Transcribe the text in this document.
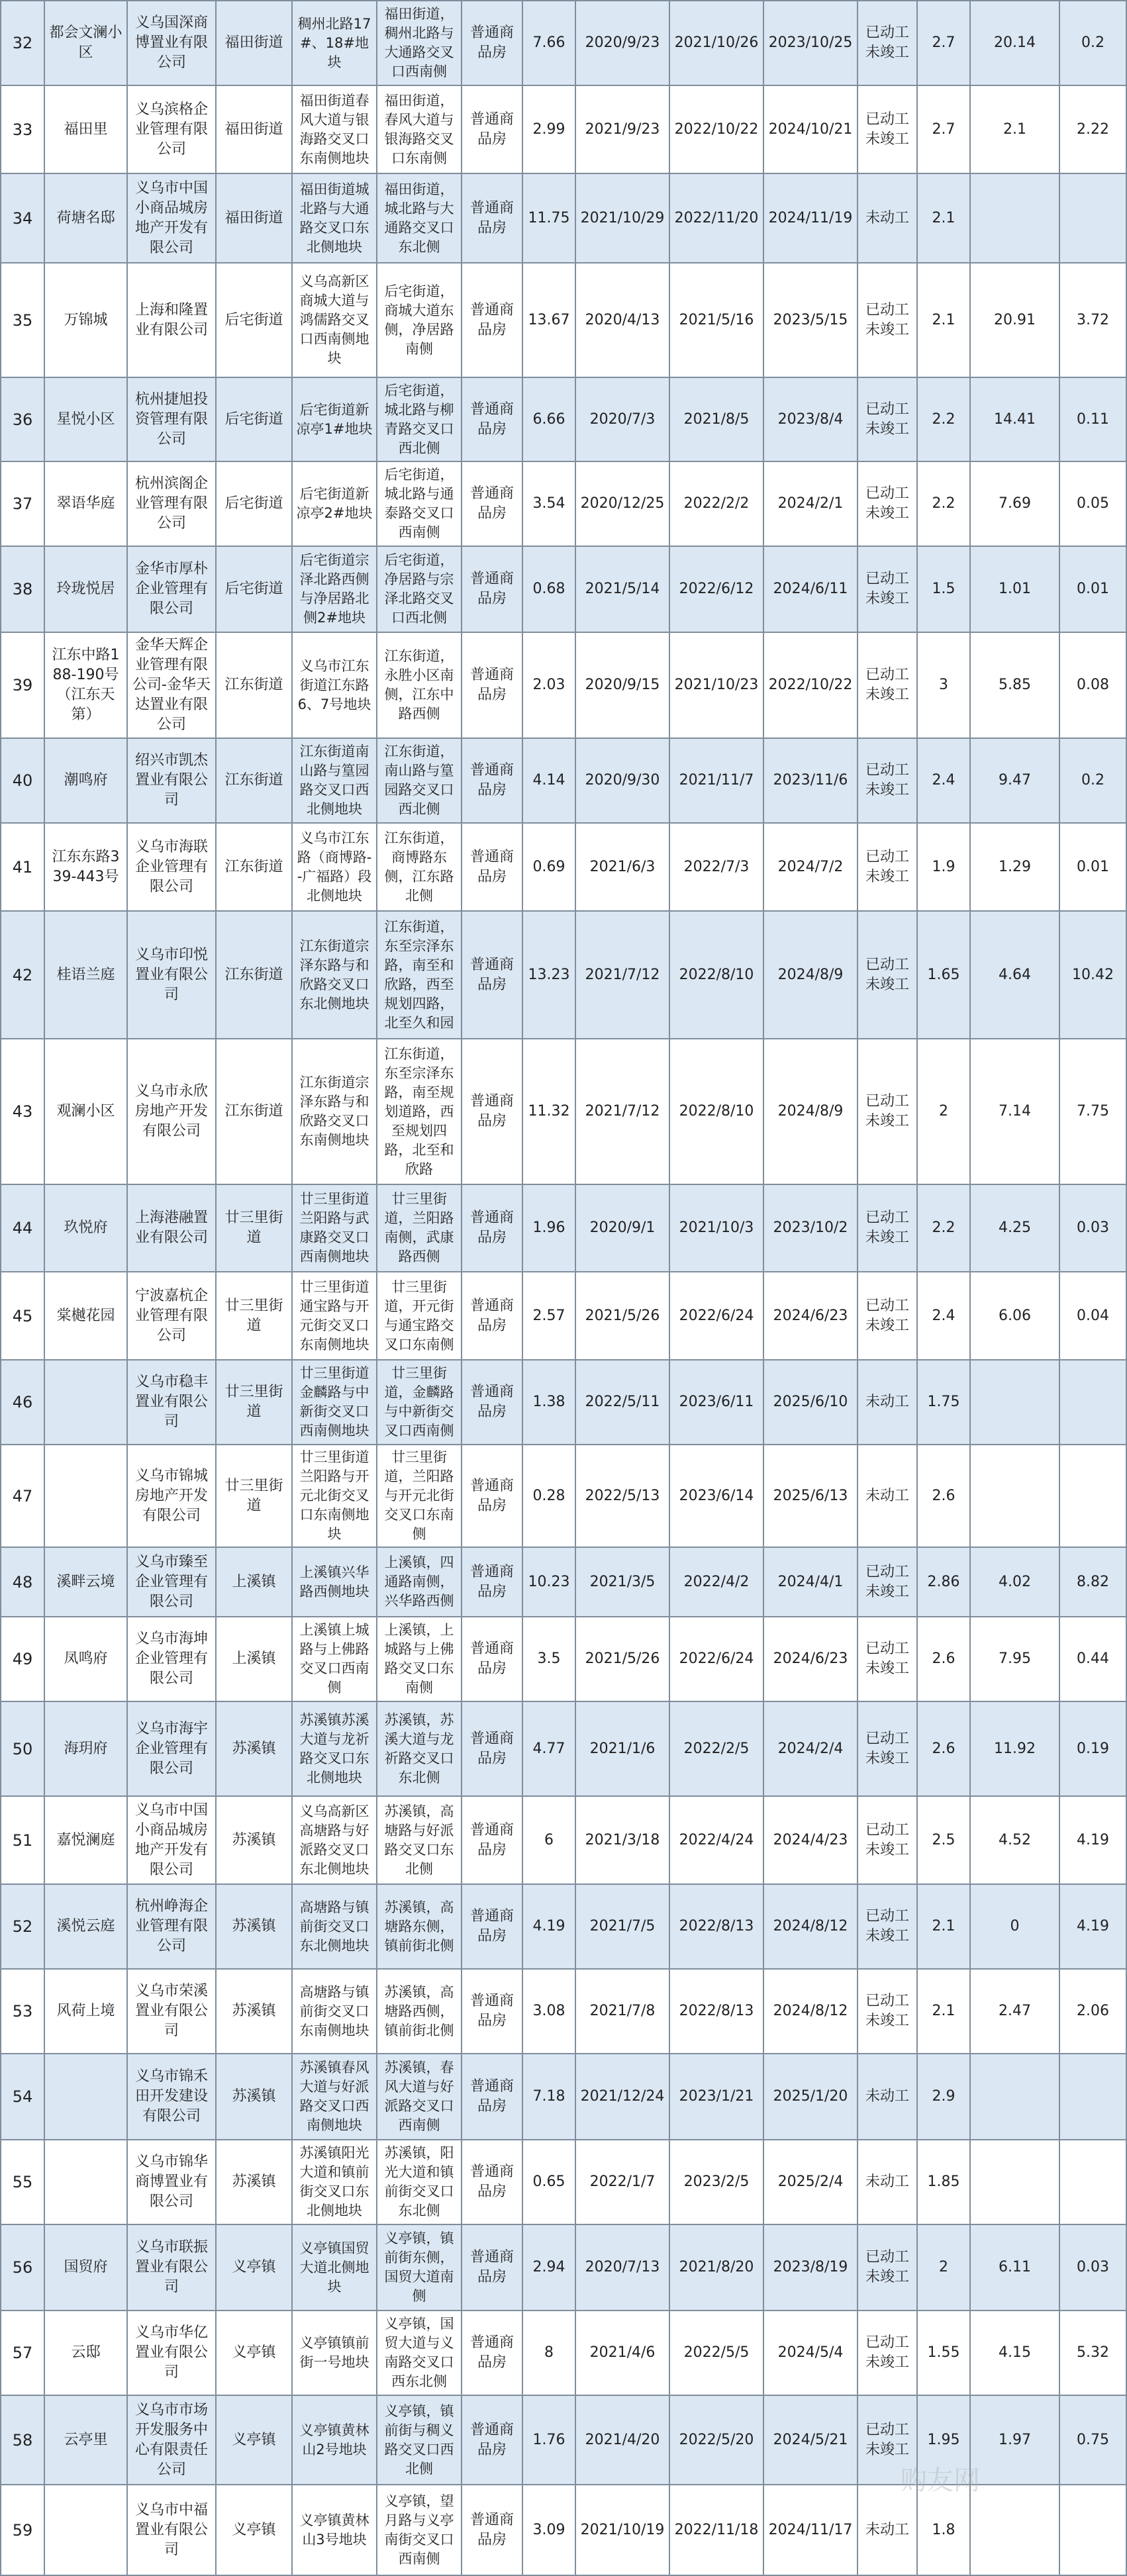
32	都会文澜小区	义乌国深商博置业有限公司	福田街道	稠州北路17#、18#地块	福田街道，稠州北路与大通路交叉口西南侧	普通商品房	7.66	2020/9/23	2021/10/26	2023/10/25	已动工未竣工	2.7	20.14	0.2
33	福田里	义乌滨格企业管理有限公司	福田街道	福田街道春风大道与银海路交叉口东南侧地块	福田街道，春风大道与银海路交叉口东南侧	普通商品房	2.99	2021/9/23	2022/10/22	2024/10/21	已动工未竣工	2.7	2.1	2.22
34	荷塘名邸	义乌市中国小商品城房地产开发有限公司	福田街道	福田街道城北路与大通路交叉口东北侧地块	福田街道，城北路与大通路交叉口东北侧	普通商品房	11.75	2021/10/29	2022/11/20	2024/11/19	未动工	2.1		
35	万锦城	上海和隆置业有限公司	后宅街道	义乌高新区商城大道与鸿儒路交叉口西南侧地块	后宅街道，商城大道东侧，净居路南侧	普通商品房	13.67	2020/4/13	2021/5/16	2023/5/15	已动工未竣工	2.1	20.91	3.72
36	星悦小区	杭州捷旭投资管理有限公司	后宅街道	后宅街道新凉亭1#地块	后宅街道，城北路与柳青路交叉口西北侧	普通商品房	6.66	2020/7/3	2021/8/5	2023/8/4	已动工未竣工	2.2	14.41	0.11
37	翠语华庭	杭州滨阁企业管理有限公司	后宅街道	后宅街道新凉亭2#地块	后宅街道，城北路与通泰路交叉口西南侧	普通商品房	3.54	2020/12/25	2022/2/2	2024/2/1	已动工未竣工	2.2	7.69	0.05
38	玲珑悦居	金华市厚朴企业管理有限公司	后宅街道	后宅街道宗泽北路西侧与净居路北侧2#地块	后宅街道，净居路与宗泽北路交叉口西北侧	普通商品房	0.68	2021/5/14	2022/6/12	2024/6/11	已动工未竣工	1.5	1.01	0.01
39	江东中路188-190号（江东天第）	金华天辉企业管理有限公司-金华天达置业有限公司	江东街道	义乌市江东街道江东路6、7号地块	江东街道，永胜小区南侧，江东中路西侧	普通商品房	2.03	2020/9/15	2021/10/23	2022/10/22	已动工未竣工	3	5.85	0.08
40	潮鸣府	绍兴市凯杰置业有限公司	江东街道	江东街道南山路与篁园路交叉口西北侧地块	江东街道，南山路与篁园路交叉口西北侧	普通商品房	4.14	2020/9/30	2021/11/7	2023/11/6	已动工未竣工	2.4	9.47	0.2
41	江东东路339-443号	义乌市海联企业管理有限公司	江东街道	义乌市江东路（商博路--广福路）段北侧地块	江东街道，商博路东侧，江东路北侧	普通商品房	0.69	2021/6/3	2022/7/3	2024/7/2	已动工未竣工	1.9	1.29	0.01
42	桂语兰庭	义乌市印悦置业有限公司	江东街道	江东街道宗泽东路与和欣路交叉口东北侧地块	江东街道，东至宗泽东路，南至和欣路，西至规划四路，北至久和园	普通商品房	13.23	2021/7/12	2022/8/10	2024/8/9	已动工未竣工	1.65	4.64	10.42
43	观澜小区	义乌市永欣房地产开发有限公司	江东街道	江东街道宗泽东路与和欣路交叉口东南侧地块	江东街道，东至宗泽东路，南至规划道路，西至规划四路，北至和欣路	普通商品房	11.32	2021/7/12	2022/8/10	2024/8/9	已动工未竣工	2	7.14	7.75
44	玖悦府	上海港融置业有限公司	廿三里街道	廿三里街道兰阳路与武康路交叉口西南侧地块	廿三里街道，兰阳路南侧，武康路西侧	普通商品房	1.96	2020/9/1	2021/10/3	2023/10/2	已动工未竣工	2.2	4.25	0.03
45	棠樾花园	宁波嘉杭企业管理有限公司	廿三里街道	廿三里街道通宝路与开元街交叉口东南侧地块	廿三里街道，开元街与通宝路交叉口东南侧	普通商品房	2.57	2021/5/26	2022/6/24	2024/6/23	已动工未竣工	2.4	6.06	0.04
46		义乌市稳丰置业有限公司	廿三里街道	廿三里街道金麟路与中新街交叉口西南侧地块	廿三里街道，金麟路与中新街交叉口西南侧	普通商品房	1.38	2022/5/11	2023/6/11	2025/6/10	未动工	1.75		
47		义乌市锦城房地产开发有限公司	廿三里街道	廿三里街道兰阳路与开元北街交叉口东南侧地块	廿三里街道，兰阳路与开元北街交叉口东南侧	普通商品房	0.28	2022/5/13	2023/6/14	2025/6/13	未动工	2.6		
48	溪畔云境	义乌市臻至企业管理有限公司	上溪镇	上溪镇兴华路西侧地块	上溪镇，四通路南侧，兴华路西侧	普通商品房	10.23	2021/3/5	2022/4/2	2024/4/1	已动工未竣工	2.86	4.02	8.82
49	凤鸣府	义乌市海坤企业管理有限公司	上溪镇	上溪镇上城路与上佛路交叉口西南侧	上溪镇，上城路与上佛路交叉口东南侧	普通商品房	3.5	2021/5/26	2022/6/24	2024/6/23	已动工未竣工	2.6	7.95	0.44
50	海玥府	义乌市海宇企业管理有限公司	苏溪镇	苏溪镇苏溪大道与龙祈路交叉口东北侧地块	苏溪镇，苏溪大道与龙祈路交叉口东北侧	普通商品房	4.77	2021/1/6	2022/2/5	2024/2/4	已动工未竣工	2.6	11.92	0.19
51	嘉悦澜庭	义乌市中国小商品城房地产开发有限公司	苏溪镇	义乌高新区高塘路与好派路交叉口东北侧地块	苏溪镇，高塘路与好派路交叉口东北侧	普通商品房	6	2021/3/18	2022/4/24	2024/4/23	已动工未竣工	2.5	4.52	4.19
52	溪悦云庭	杭州峥海企业管理有限公司	苏溪镇	高塘路与镇前街交叉口东北侧地块	苏溪镇，高塘路东侧，镇前街北侧	普通商品房	4.19	2021/7/5	2022/8/13	2024/8/12	已动工未竣工	2.1	0	4.19
53	风荷上境	义乌市荣溪置业有限公司	苏溪镇	高塘路与镇前街交叉口东南侧地块	苏溪镇，高塘路西侧，镇前街北侧	普通商品房	3.08	2021/7/8	2022/8/13	2024/8/12	已动工未竣工	2.1	2.47	2.06
54		义乌市锦禾田开发建设有限公司	苏溪镇	苏溪镇春风大道与好派路交叉口西南侧地块	苏溪镇，春风大道与好派路交叉口西南侧	普通商品房	7.18	2021/12/24	2023/1/21	2025/1/20	未动工	2.9		
55		义乌市锦华商博置业有限公司	苏溪镇	苏溪镇阳光大道和镇前街交叉口东北侧地块	苏溪镇，阳光大道和镇前街交叉口东北侧	普通商品房	0.65	2022/1/7	2023/2/5	2025/2/4	未动工	1.85		
56	国贸府	义乌市联振置业有限公司	义亭镇	义亭镇国贸大道北侧地块	义亭镇，镇前街东侧，国贸大道南侧	普通商品房	2.94	2020/7/13	2021/8/20	2023/8/19	已动工未竣工	2	6.11	0.03
57	云邸	义乌市华亿置业有限公司	义亭镇	义亭镇镇前街一号地块	义亭镇，国贸大道与义南路交叉口西东北侧	普通商品房	8	2021/4/6	2022/5/5	2024/5/4	已动工未竣工	1.55	4.15	5.32
58	云亭里	义乌市市场开发服务中心有限责任公司	义亭镇	义亭镇黄林山2号地块	义亭镇，镇前街与稠义路交叉口西北侧	普通商品房	1.76	2021/4/20	2022/5/20	2024/5/21	已动工未竣工	1.95	1.97	0.75
59		义乌市中福置业有限公司	义亭镇	义亭镇黄林山3号地块	义亭镇，望月路与义亭南街交叉口西南侧	普通商品房	3.09	2021/10/19	2022/11/18	2024/11/17	未动工	1.8		
购友网
